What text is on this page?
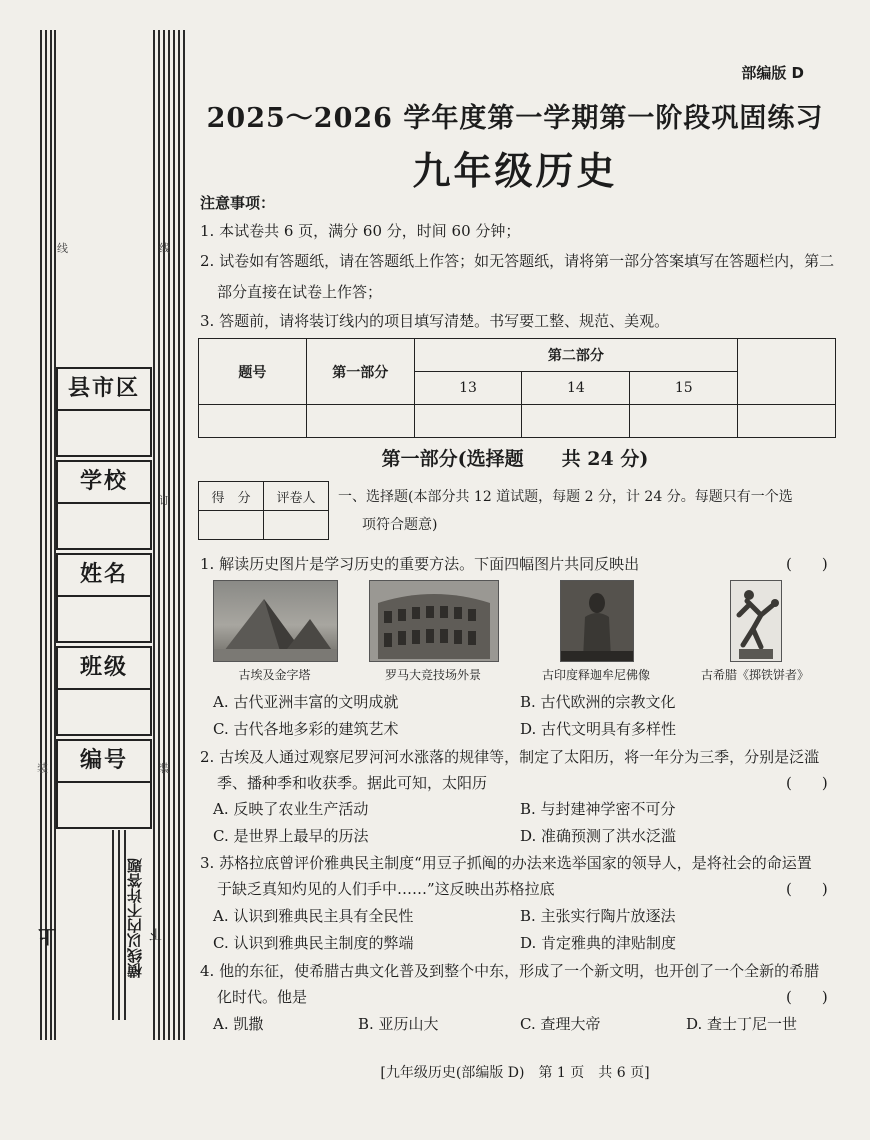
线	线
订
装	装
县市区
学校
姓名
班级
编号
横线以内不许答题
上	下
部编版 D
2025～2026 学年度第一学期第一阶段巩固练习
九年级历史
注意事项：
1. 本试卷共 6 页，满分 60 分，时间 60 分钟；
2. 试卷如有答题纸，请在答题纸上作答；如无答题纸，请将第一部分答案填写在答题栏内，第二
部分直接在试卷上作答；
3. 答题前，请将装订线内的项目填写清楚。书写要工整、规范、美观。
题号	第一部分	第二部分			
		13	14	15	

第一部分(选择题　　共 24 分)
得　分	评卷人
	一、选择题(本部分共 12 道试题，每题 2 分，计 24 分。每题只有一个选
项符合题意)
1. 解读历史图片是学习历史的重要方法。下面四幅图片共同反映出	(　　)
古埃及金字塔	罗马大竞技场外景	古印度释迦牟尼佛像	古希腊《掷铁饼者》
A. 古代亚洲丰富的文明成就	B. 古代欧洲的宗教文化
C. 古代各地多彩的建筑艺术	D. 古代文明具有多样性
2. 古埃及人通过观察尼罗河河水涨落的规律等，制定了太阳历，将一年分为三季，分别是泛滥
季、播种季和收获季。据此可知，太阳历	(　　)
A. 反映了农业生产活动	B. 与封建神学密不可分
C. 是世界上最早的历法	D. 准确预测了洪水泛滥
3. 苏格拉底曾评价雅典民主制度“用豆子抓阄的办法来选举国家的领导人，是将社会的命运置
于缺乏真知灼见的人们手中……”这反映出苏格拉底	(　　)
A. 认识到雅典民主具有全民性	B. 主张实行陶片放逐法
C. 认识到雅典民主制度的弊端	D. 肯定雅典的津贴制度
4. 他的东征，使希腊古典文化普及到整个中东，形成了一个新文明，也开创了一个全新的希腊
化时代。他是	(　　)
A. 凯撒	B. 亚历山大	C. 查理大帝	D. 查士丁尼一世
[九年级历史(部编版 D)　第 1 页　共 6 页]
